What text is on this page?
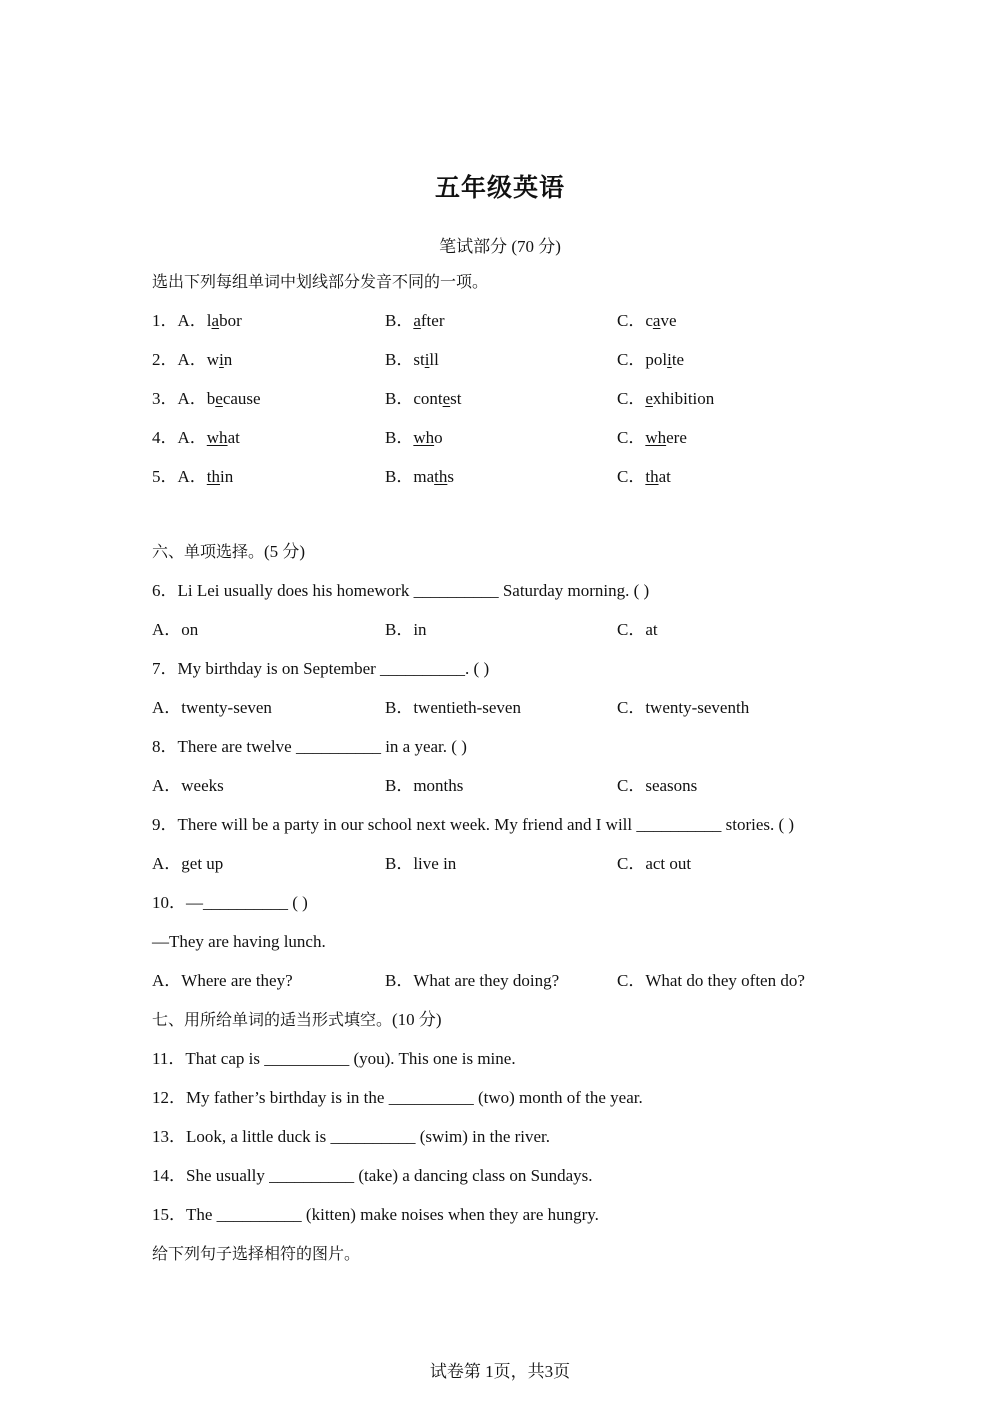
五年级英语
笔试部分 (70 分)
选出下列每组单词中划线部分发音不同的一项。
1．A．labor	B．after	C．cave
2．A．win	B．still	C．polite
3．A．because	B．contest	C．exhibition
4．A．what	B．who	C．where
5．A．thin	B．maths	C．that
六、单项选择。(5 分)
6．Li Lei usually does his homework __________ Saturday morning. ( )
A．on	B．in	C．at
7．My birthday is on September __________. ( )
A．twenty-seven	B．twentieth-seven	C．twenty-seventh
8．There are twelve __________ in a year. ( )
A．weeks	B．months	C．seasons
9．There will be a party in our school next week. My friend and I will __________ stories. ( )
A．get up	B．live in	C．act out
10．—__________ ( )
—They are having lunch.
A．Where are they?	B．What are they doing?	C．What do they often do?
七、用所给单词的适当形式填空。(10 分)
11．That cap is __________ (you). This one is mine.
12．My father’s birthday is in the __________ (two) month of the year.
13．Look, a little duck is __________ (swim) in the river.
14．She usually __________ (take) a dancing class on Sundays.
15．The __________ (kitten) make noises when they are hungry.
给下列句子选择相符的图片。
试卷第 1页，共3页
